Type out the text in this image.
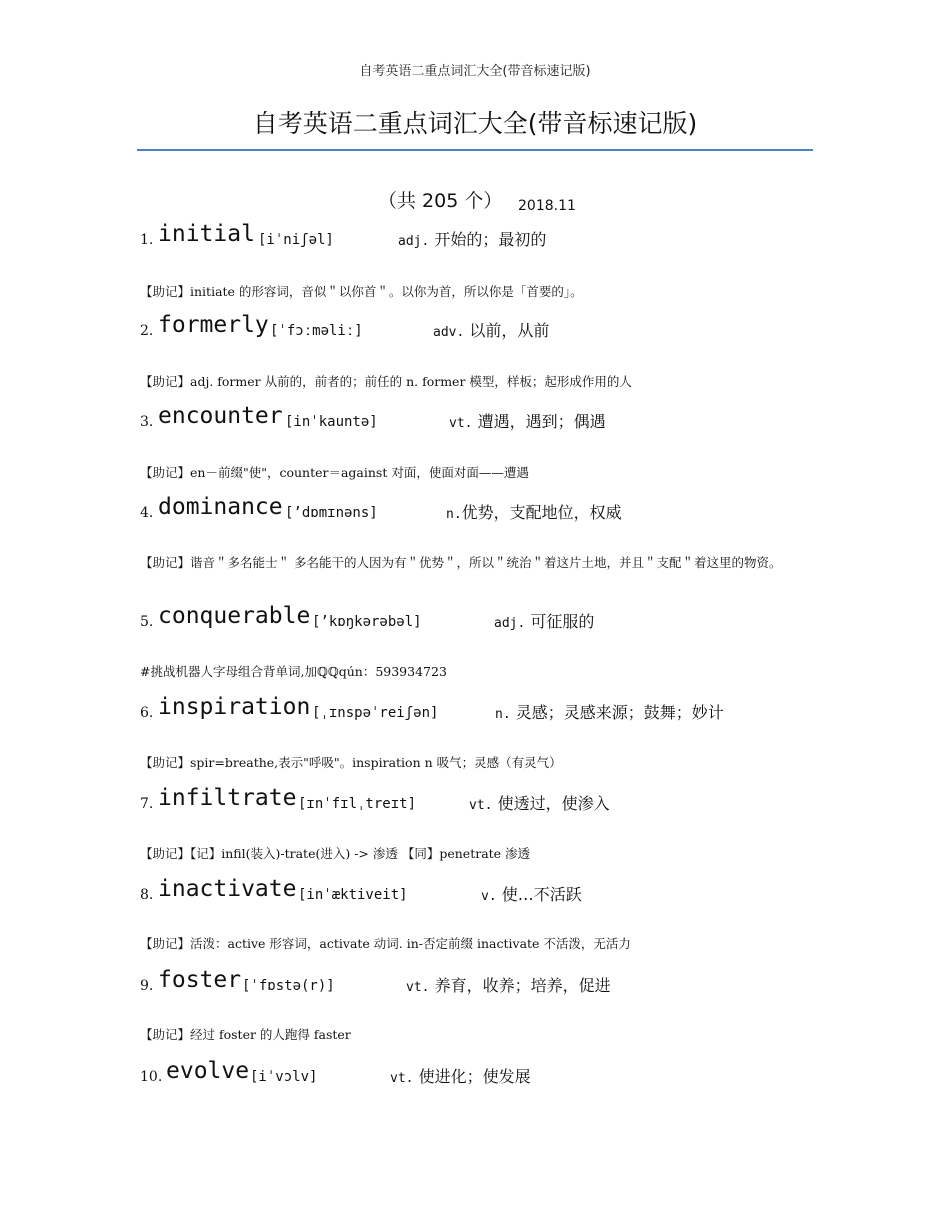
自考英语二重点词汇大全(带音标速记版)
自考英语二重点词汇大全(带音标速记版)
（共 205 个） 2018.11
1. initial [iˈniʃəl]	adj. 开始的；最初的
【助记】initiate 的形容词，音似＂以你首＂。以你为首，所以你是「首要的」。
2. formerly [ˈfɔːməliː]	adv. 以前，从前
【助记】adj. former 从前的，前者的；前任的 n. former 模型，样板；起形成作用的人
3. encounter [inˈkauntə]	vt. 遭遇，遇到；偶遇
【助记】en－前缀"使"，counter＝against 对面，使面对面——遭遇
4. dominance [’dɒmɪnəns]	n.优势，支配地位，权威
【助记】谐音＂多名能士＂ 多名能干的人因为有＂优势＂，所以＂统治＂着这片土地，并且＂支配＂着这里的物资。
5. conquerable [’kɒŋkərəbəl]	adj. 可征服的
#挑战机器人字母组合背单词,加ℚℚqún：593934723
6. inspiration [ˌɪnspəˈreiʃən]	n. 灵感；灵感来源；鼓舞；妙计
【助记】spir=breathe,表示"呼吸"。inspiration n 吸气；灵感（有灵气）
7. infiltrate [ɪnˈfɪlˌtreɪt]	vt. 使透过，使渗入
【助记】【记】infil(装入)-trate(进入) -> 渗透 【同】penetrate 渗透
8. inactivate [inˈæktiveit]	v. 使…不活跃
【助记】活泼：active 形容词，activate 动词. in-否定前缀 inactivate 不活泼，无活力
9. foster [ˈfɒstə(r)]	vt. 养育，收养；培养，促进
【助记】经过 foster 的人跑得 faster
10. evolve [iˈvɔlv]	vt. 使进化；使发展
